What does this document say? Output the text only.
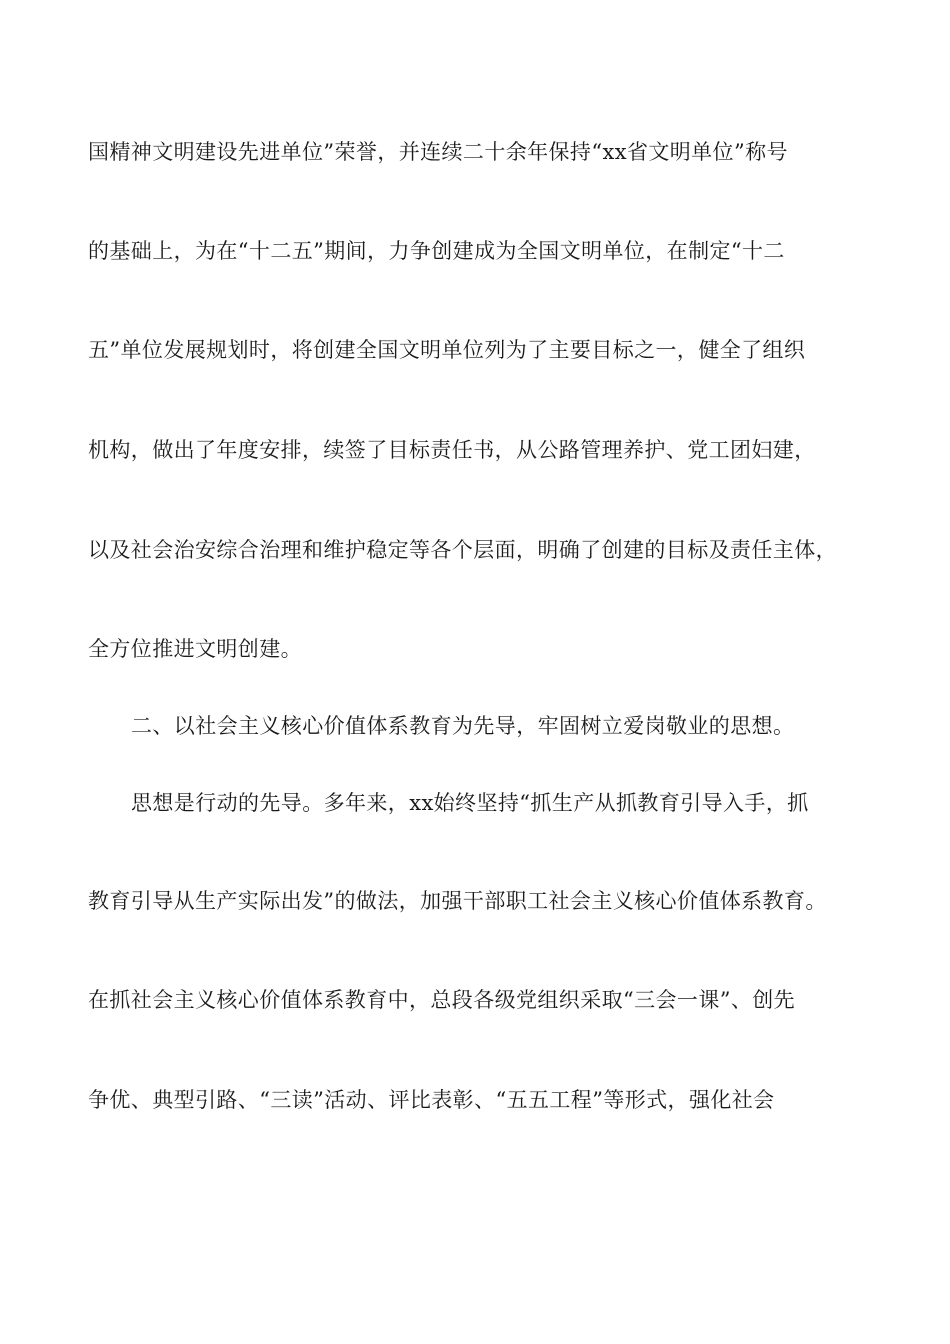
国精神文明建设先进单位”荣誉，并连续二十余年保持“xx省文明单位”称号
的基础上，为在“十二五”期间，力争创建成为全国文明单位，在制定“十二
五”单位发展规划时，将创建全国文明单位列为了主要目标之一，健全了组织
机构，做出了年度安排，续签了目标责任书，从公路管理养护、党工团妇建，
以及社会治安综合治理和维护稳定等各个层面，明确了创建的目标及责任主体，
全方位推进文明创建。
二、以社会主义核心价值体系教育为先导，牢固树立爱岗敬业的思想。
思想是行动的先导。多年来，xx始终坚持“抓生产从抓教育引导入手，抓
教育引导从生产实际出发”的做法，加强干部职工社会主义核心价值体系教育。
在抓社会主义核心价值体系教育中，总段各级党组织采取“三会一课”、创先
争优、典型引路、“三读”活动、评比表彰、“五五工程”等形式，强化社会
